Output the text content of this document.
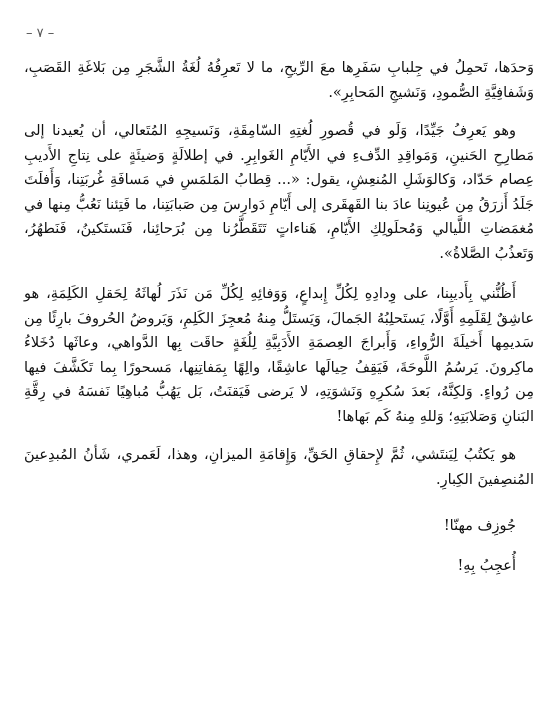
– ٧ –

وَحدَها، تَحمِلُ في جِلبابِ سَفَرِها معَ الرِّيحِ، ما لا تَعرِفُهُ لُغَةُ الشَّجَرِ مِن بَلاغَةِ القَصَبِ، وَشَفافِيَّةِ الصُّمودِ، وَنَشيجِ المَحابِرِ».

وهو يَعرِفُ جَيِّدًا، وَلَو في قُصورِ لُغتِهِ السّامِقَةِ، وَنَسيجِهِ المُتَعالي، أن يُعيدنا إلى مَطارِحِ الحَنينِ، وَمَواقِدِ الدِّفءِ في الأَيّامِ الغَوابِرِ. في إطلالَةٍ وَضيئَةٍ على نِتاجِ الأَديبِ عِصام حَدّاد، وَكالوَشَلِ المُنعِشِ، يقول: «... قِطابُ المَلمَسِ في مَسافَةِ غُربَتِنا، وَأَفلَتَ جَلَدُ أَزرَقُ مِن عُيونِنا عادَ بنا القَهقَرى إلى أَيّامِ دَوارِسَ مِن صَبابَتِنا، ما فَتِئنا نَعُبُّ مِنها في مُغمَضاتِ اللَّيالي وَمُحلَولِكِ الأَيّامِ، هَناءاتٍ تَتَقَطَّرُنا مِن بُرَحائِنا، فَنَستَكينُ، فَنَطهُرُ، وَتَعذُبُ الصَّلاةُ».

أَظُنُّني بِأَديبِنا، على وِدادِهِ لِكُلِّ إِبداعٍ، وَوَفائِهِ لِكُلِّ مَن نَذَرَ لُهاثَهُ لِحَقلِ الكَلِمَةِ، هو عاشِقٌ لِقَلَمِهِ أَوَّلًا، يَستَحلِبُهُ الجَمالَ، وَيَستَلُّ مِنهُ مُعجِزَ الكَلِمِ، وَيَروضُ الحُروفَ بارِئًا مِن سَديمِها أَخيلَةَ الرُّواءِ، وَأَبراجَ العِصمَةِ الأَدَبِيَّةِ لِلُغَةٍ حاقَت بِها الدَّواهي، وعاثَها دُخَلاءُ ماكِرونَ. يَرسُمُ اللَّوحَةَ، فَيَقِفُ حِيالَها عاشِقًا، والِهًا بِمَفاتِنِها، مَسحورًا بِما تَكَشَّفَ فيها مِن رُواءٍ. وَلكِنَّهُ، بَعدَ سُكرِهِ وَنَشوَتِهِ، لا يَرضى فَيَقنَتُ، بَل يَهُبُّ مُباهِيًا نَفسَهُ في رِقَّةِ البَنانِ وَصَلابَتِهِ؛ وَللهِ مِنهُ كَم بَهاها!

هو يَكتُبُ لِيَنتَشي، ثُمَّ لإِحقاقِ الحَقِّ، وَإِقامَةِ الميزانِ، وهذا، لَعَمري، شَأنُ المُبدِعينَ المُنصِفينَ الكِبارِ.

جُوزِف مهنّا!

أُعجِبُ بِهِ!
